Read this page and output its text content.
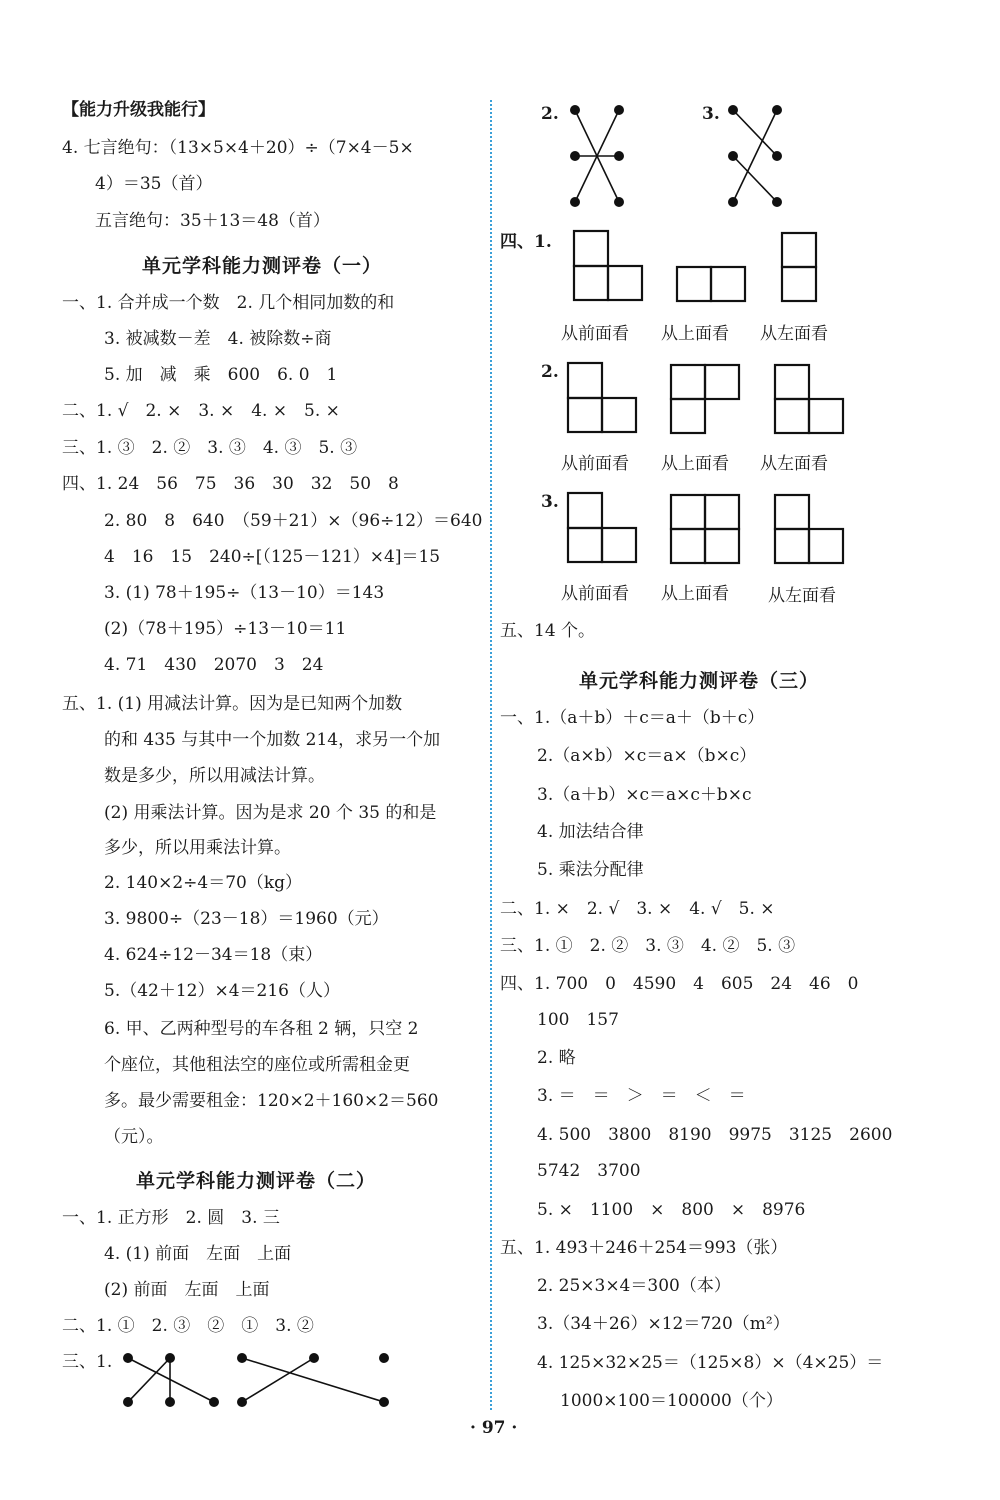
【能力升级我能行】
4. 七言绝句：（13×5×4＋20）÷（7×4－5×
4）＝35（首）
五言绝句：35＋13＝48（首）
单元学科能力测评卷（一）
一、1. 合并成一个数　2. 几个相同加数的和
3. 被减数－差　4. 被除数÷商
5. 加　减　乘　600　6. 0　1
二、1. √　2. ×　3. ×　4. ×　5. ×
三、1. ③　2. ②　3. ③　4. ③　5. ③
四、1. 24　56　75　36　30　32　50　8
2. 80　8　640　（59＋21）×（96÷12）＝640
4　16　15　240÷[（125－121）×4]＝15
3. (1) 78＋195÷（13－10）＝143
(2)（78＋195）÷13－10＝11
4. 71　430　2070　3　24
五、1. (1) 用减法计算。因为是已知两个加数
的和 435 与其中一个加数 214，求另一个加
数是多少，所以用减法计算。
(2) 用乘法计算。因为是求 20 个 35 的和是
多少，所以用乘法计算。
2. 140×2÷4＝70（kg）
3. 9800÷（23－18）＝1960（元）
4. 624÷12－34＝18（束）
5.（42＋12）×4＝216（人）
6. 甲、乙两种型号的车各租 2 辆，只空 2
个座位，其他租法空的座位或所需租金更
多。最少需要租金：120×2＋160×2＝560
（元）。
单元学科能力测评卷（二）
一、1. 正方形　2. 圆　3. 三
4. (1) 前面　左面　上面
(2) 前面　左面　上面
二、1. ①　2. ③　②　①　3. ②
三、1.
2.	3.
四、1.
从前面看 从上面看 从左面看
2.
从前面看 从上面看 从左面看
3.
从前面看 从上面看 从左面看
五、14 个。
单元学科能力测评卷（三）
一、1.（a＋b）＋c＝a＋（b＋c）
2.（a×b）×c＝a×（b×c）
3.（a＋b）×c＝a×c＋b×c
4. 加法结合律
5. 乘法分配律
二、1. ×　2. √　3. ×　4. √　5. ×
三、1. ①　2. ②　3. ③　4. ②　5. ③
四、1. 700　0　4590　4　605　24　46　0
100　157
2. 略
3. ＝　＝　＞　＝　＜　＝
4. 500　3800　8190　9975　3125　2600
5742　3700
5. ×　1100　×　800　×　8976
五、1. 493＋246＋254＝993（张）
2. 25×3×4＝300（本）
3.（34＋26）×12＝720（m²）
4. 125×32×25＝（125×8）×（4×25）＝
1000×100＝100000（个）
· 97 ·
